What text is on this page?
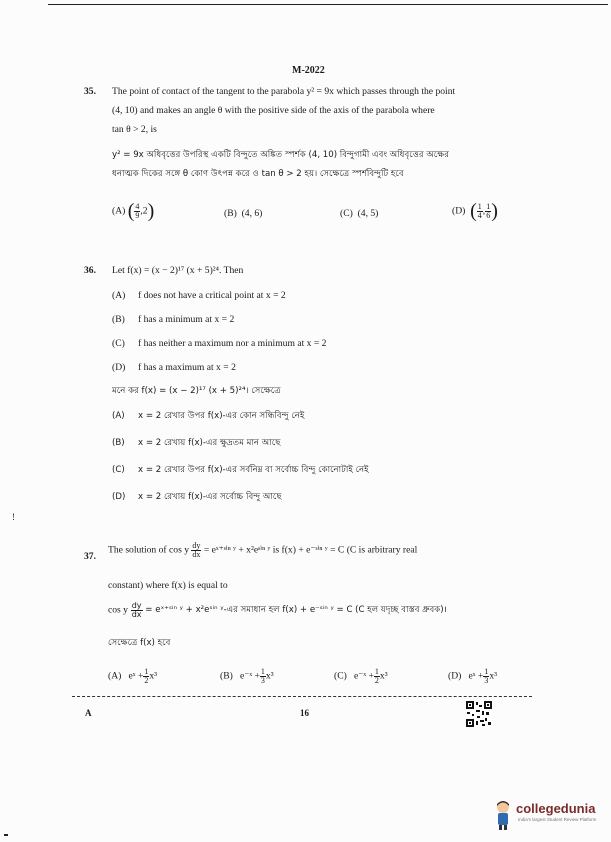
M-2022
35. The point of contact of the tangent to the parabola y² = 9x which passes through the point
(4, 10) and makes an angle θ with the positive side of the axis of the parabola where
tan θ > 2, is
y² = 9x অধিবৃত্তের উপরিস্থ একটি বিন্দুতে অঙ্কিত স্পর্শক (4, 10) বিন্দুগামী এবং অধিবৃত্তের অক্ষের
ধনাত্মক দিকের সঙ্গে θ কোণ উৎপন্ন করে ও tan θ > 2 হয়। সেক্ষেত্রে স্পর্শবিন্দুটি হবে
(A) ( $\frac{4}{9} ,2$)	(B) (4, 6)	(C) (4, 5)	(D) ( $\frac{1}{4}$ , $\frac{1}{6}$ )
36. Let f(x) = (x − 2)¹⁷ (x + 5)²⁴. Then
(A) f does not have a critical point at x = 2
(B) f has a minimum at x = 2
(C) f has neither a maximum nor a minimum at x = 2
(D) f has a maximum at x = 2
মনে কর f(x) = (x − 2)¹⁷ (x + 5)²⁴। সেক্ষেত্রে
(A) x = 2 রেখার উপর f(x)-এর কোন সন্ধিবিন্দু নেই
(B) x = 2 রেখায় f(x)-এর ক্ষুদ্রতম মান আছে
(C) x = 2 রেখার উপর f(x)-এর সর্বনিম্ন বা সর্বোচ্চ বিন্দু কোনোটাই নেই
(D) x = 2 রেখায় f(x)-এর সর্বোচ্চ বিন্দু আছে
!
37.
The solution of cos y $\frac{dy}{dx}$ = eˣ⁺ˢⁱⁿ ʸ + x²eˢⁱⁿ ʸ is f(x) + e⁻ˢⁱⁿ ʸ = C (C is arbitrary real
constant) where f(x) is equal to
cos y $\frac{dy}{dx}$ = eˣ⁺ˢⁱⁿ ʸ + x²eˢⁱⁿ ʸ-এর সমাধান হল f(x) + e⁻ˢⁱⁿ ʸ = C (C হল যদৃচ্ছ বাস্তব ধ্রুবক)।
সেক্ষেত্রে f(x) হবে
(A) eˣ + $\frac{1}{2} x^3$	(B) e⁻ˣ + $\frac{1}{3} x^3$	(C) e⁻ˣ + $\frac{1}{2} x^3$	(D) eˣ + $\frac{1}{3} x^3$
A	16
collegedunia
India's largest Student Review Platform
